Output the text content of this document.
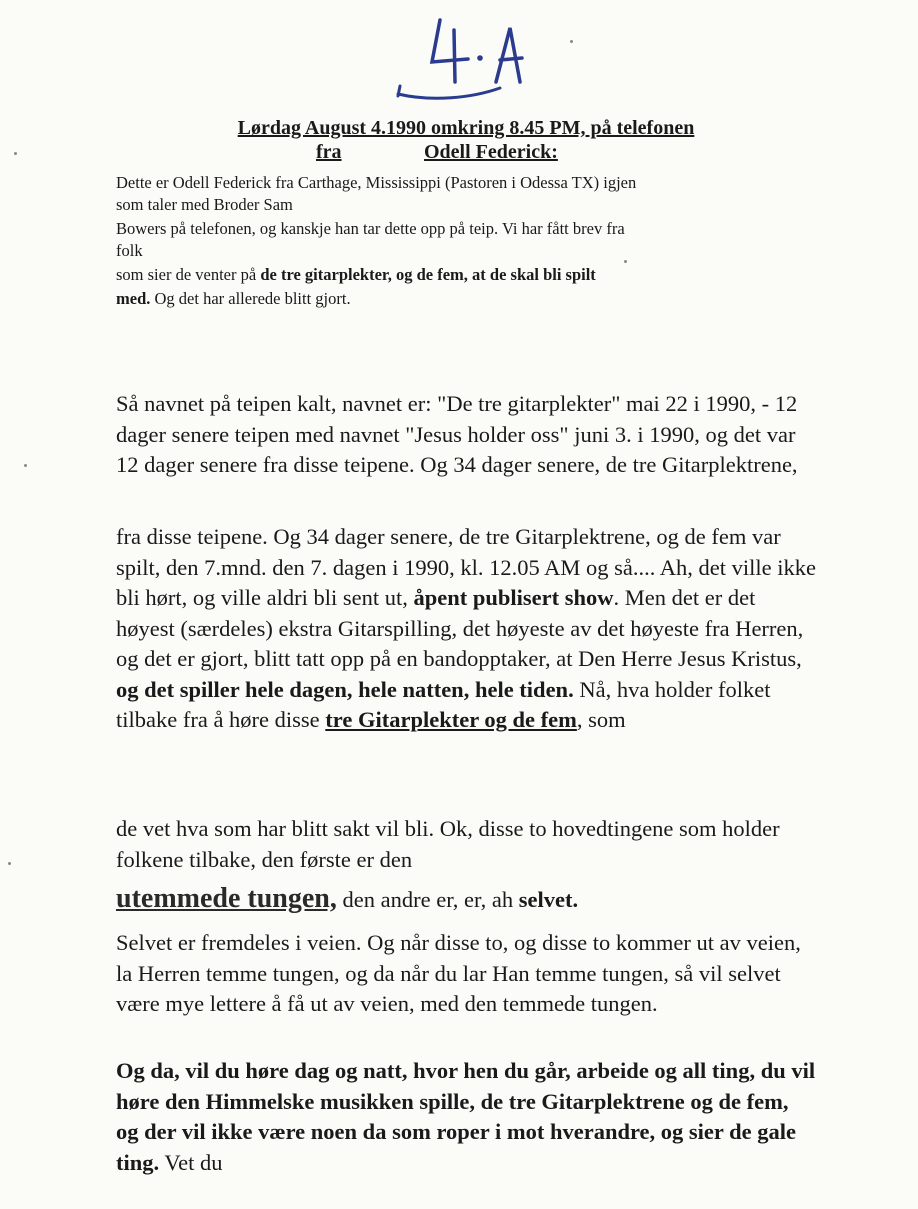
Lørdag August 4.1990 omkring 8.45 PM, på telefonen
fra	Odell Federick:

Dette er Odell Federick fra Carthage, Mississippi (Pastoren i Odessa TX) igjen

som taler med Broder Sam

Bowers på telefonen, og kanskje han tar dette opp på teip. Vi har fått brev fra

folk

som sier de venter på de tre gitarplekter, og de fem, at de skal bli spilt

med. Og det har allerede blitt gjort.

Så navnet på teipen kalt, navnet er: "De tre gitarplekter" mai 22 i 1990, - 12 dager senere teipen med navnet "Jesus holder oss" juni 3. i 1990, og det var 12 dager senere fra disse teipene. Og 34 dager senere, de tre Gitarplektrene,

fra disse teipene. Og 34 dager senere, de tre Gitarplektrene, og de fem var spilt, den 7.mnd. den 7. dagen i 1990, kl. 12.05 AM og så.... Ah, det ville ikke bli hørt, og ville aldri bli sent ut, åpent publisert show. Men det er det høyest (særdeles) ekstra Gitarspilling, det høyeste av det høyeste fra Herren, og det er gjort, blitt tatt opp på en bandopptaker, at Den Herre Jesus Kristus, og det spiller hele dagen, hele natten, hele tiden. Nå, hva holder folket tilbake fra å høre disse tre Gitarplekter og de fem, som

de vet hva som har blitt sakt vil bli. Ok, disse to hovedtingene som holder folkene tilbake, den første er den

utemmede tungen, den andre er, er, ah selvet.

Selvet er fremdeles i veien. Og når disse to, og disse to kommer ut av veien, la Herren temme tungen, og da når du lar Han temme tungen, så vil selvet være mye lettere å få ut av veien, med den temmede tungen.

Og da, vil du høre dag og natt, hvor hen du går, arbeide og all ting, du vil høre den Himmelske musikken spille, de tre Gitarplektrene og de fem, og der vil ikke være noen da som roper i mot hverandre, og sier de gale ting. Vet du
